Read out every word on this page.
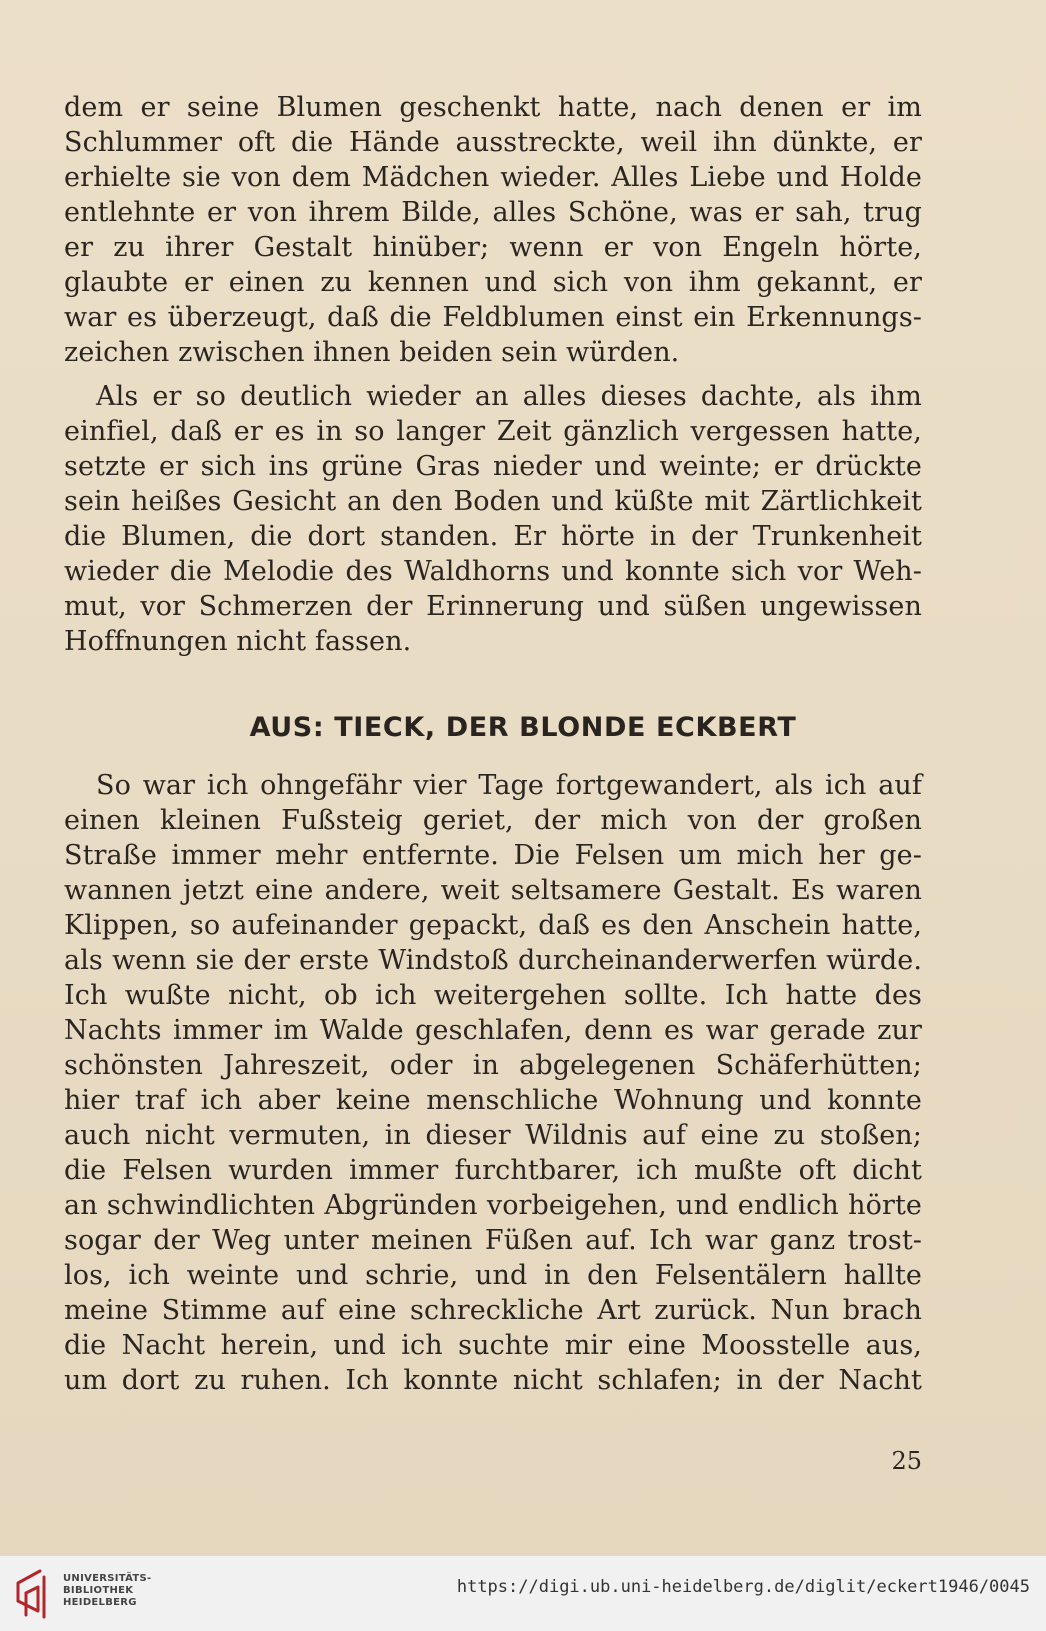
dem er seine Blumen geschenkt hatte, nach denen er im
Schlummer oft die Hände ausstreckte, weil ihn dünkte, er
erhielte sie von dem Mädchen wieder. Alles Liebe und Holde
entlehnte er von ihrem Bilde, alles Schöne, was er sah, trug
er zu ihrer Gestalt hinüber; wenn er von Engeln hörte,
glaubte er einen zu kennen und sich von ihm gekannt, er
war es überzeugt, daß die Feldblumen einst ein Erkennungs-
zeichen zwischen ihnen beiden sein würden.
Als er so deutlich wieder an alles dieses dachte, als ihm
einfiel, daß er es in so langer Zeit gänzlich vergessen hatte,
setzte er sich ins grüne Gras nieder und weinte; er drückte
sein heißes Gesicht an den Boden und küßte mit Zärtlichkeit
die Blumen, die dort standen. Er hörte in der Trunkenheit
wieder die Melodie des Waldhorns und konnte sich vor Weh-
mut, vor Schmerzen der Erinnerung und süßen ungewissen
Hoffnungen nicht fassen.
AUS: TIECK, DER BLONDE ECKBERT
So war ich ohngefähr vier Tage fortgewandert, als ich auf
einen kleinen Fußsteig geriet, der mich von der großen
Straße immer mehr entfernte. Die Felsen um mich her ge-
wannen jetzt eine andere, weit seltsamere Gestalt. Es waren
Klippen, so aufeinander gepackt, daß es den Anschein hatte,
als wenn sie der erste Windstoß durcheinanderwerfen würde.
Ich wußte nicht, ob ich weitergehen sollte. Ich hatte des
Nachts immer im Walde geschlafen, denn es war gerade zur
schönsten Jahreszeit, oder in abgelegenen Schäferhütten;
hier traf ich aber keine menschliche Wohnung und konnte
auch nicht vermuten, in dieser Wildnis auf eine zu stoßen;
die Felsen wurden immer furchtbarer, ich mußte oft dicht
an schwindlichten Abgründen vorbeigehen, und endlich hörte
sogar der Weg unter meinen Füßen auf. Ich war ganz trost-
los, ich weinte und schrie, und in den Felsentälern hallte
meine Stimme auf eine schreckliche Art zurück. Nun brach
die Nacht herein, und ich suchte mir eine Moosstelle aus,
um dort zu ruhen. Ich konnte nicht schlafen; in der Nacht
25
UNIVERSITÄTS-
BIBLIOTHEK
HEIDELBERG
https://digi.ub.uni-heidelberg.de/diglit/eckert1946/0045
